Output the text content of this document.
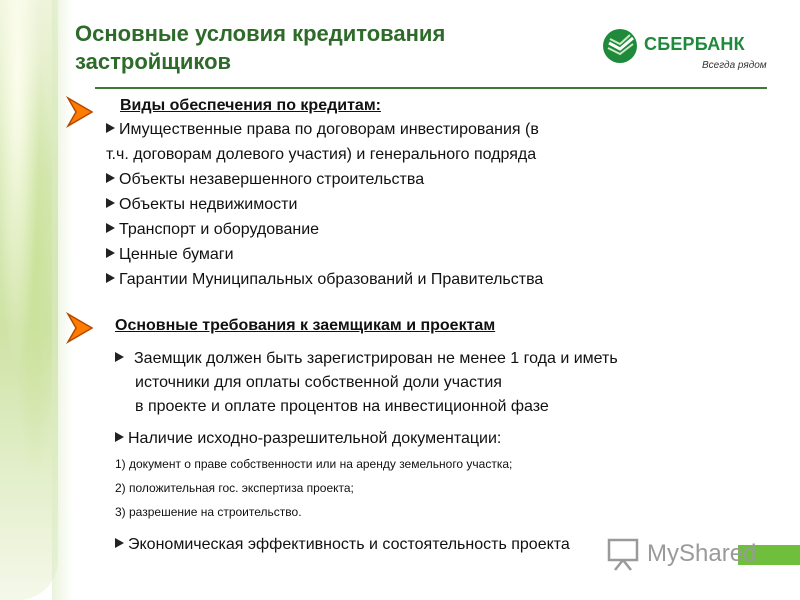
Основные условия кредитования
застройщиков
СБЕРБАНК
Всегда рядом

Виды обеспечения по кредитам:

Имущественные права по договорам инвестирования (в

т.ч. договорам долевого участия) и генерального подряда

Объекты незавершенного строительства

Объекты недвижимости

Транспорт и оборудование

Ценные бумаги

Гарантии Муниципальных образований и Правительства

Основные требования к заемщикам и проектам

Заемщик должен быть зарегистрирован не менее 1 года и иметь

источники для оплаты собственной доли участия

в проекте и оплате процентов на инвестиционной фазе

Наличие исходно-разрешительной документации:

1) документ о праве собственности или на аренду земельного участка;

2) положительная гос. экспертиза проекта;

3) разрешение на строительство.

Экономическая эффективность и состоятельность проекта	MyShared
